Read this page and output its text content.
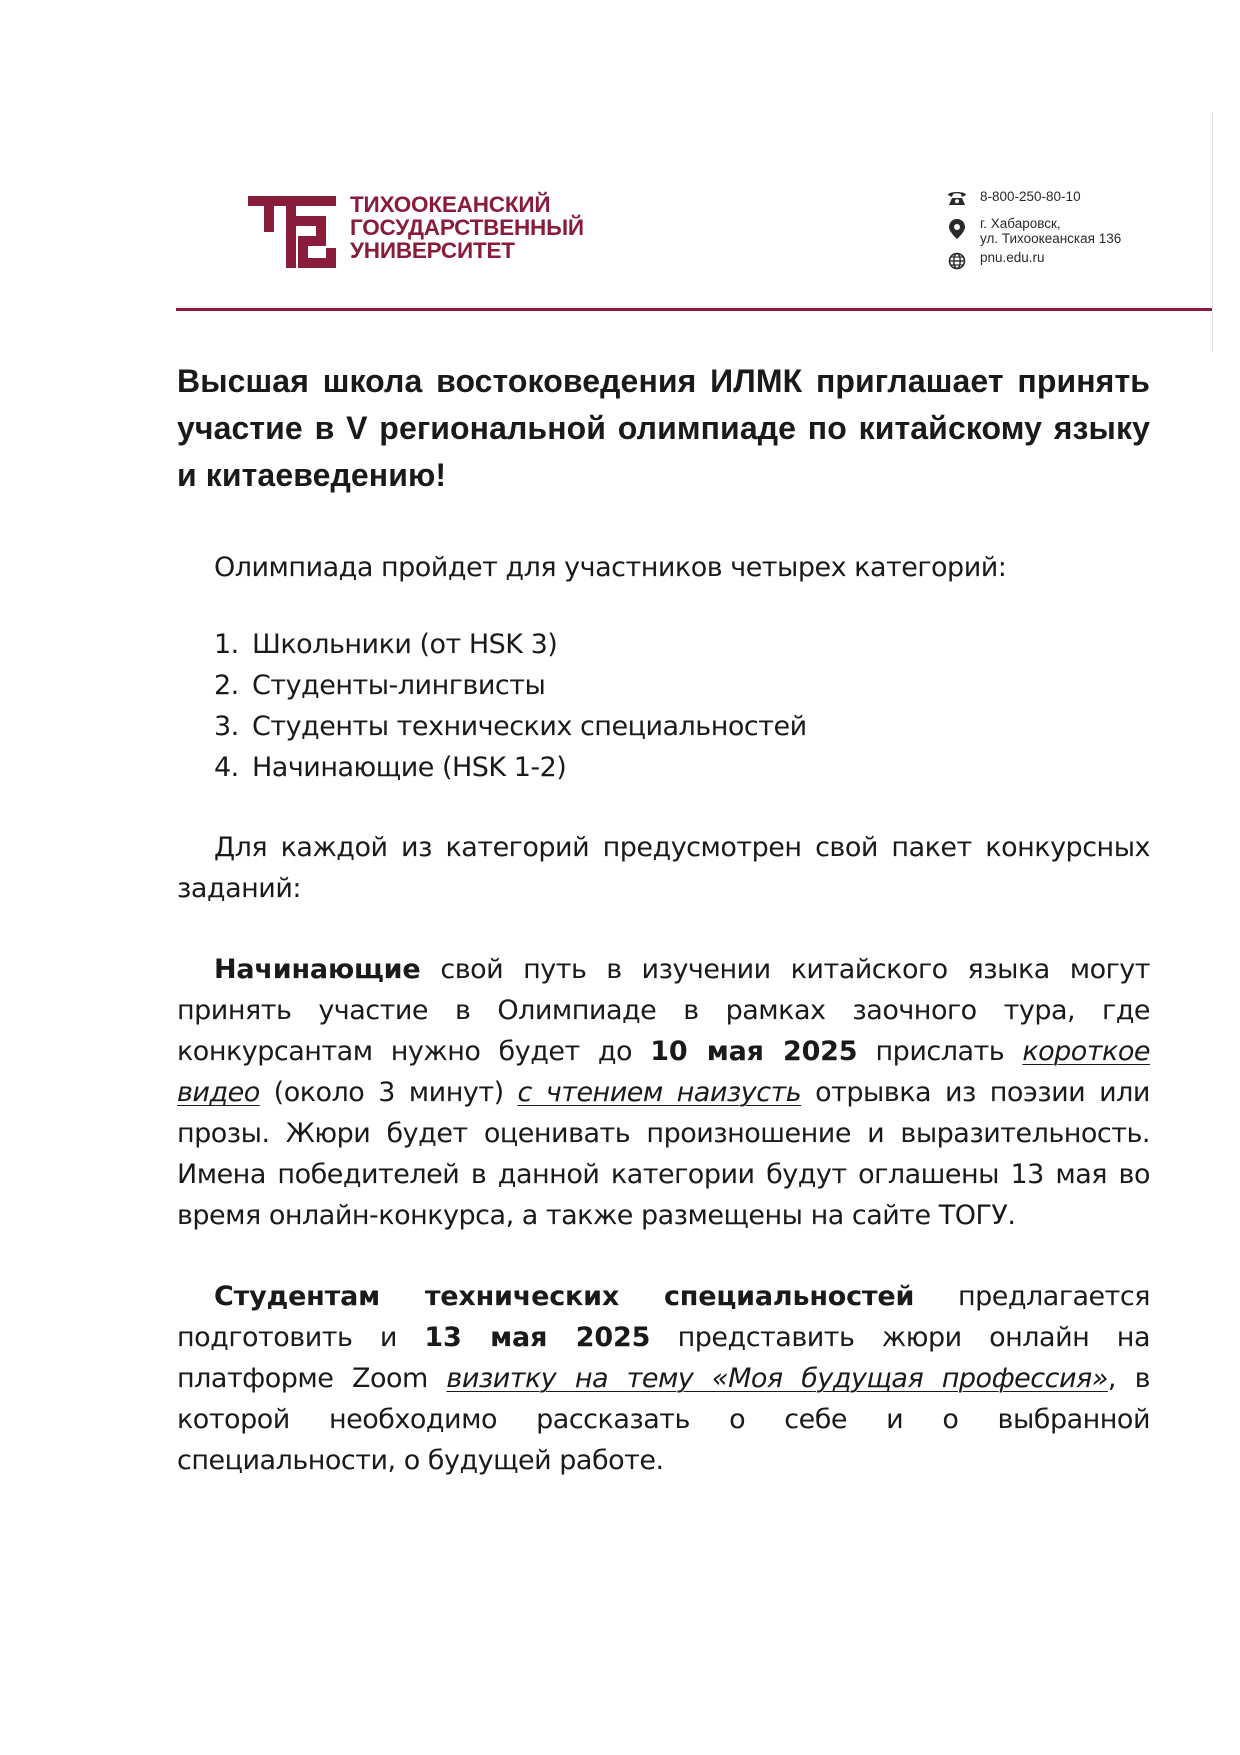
ТИХООКЕАНСКИЙ
ГОСУДАРСТВЕННЫЙ
УНИВЕРСИТЕТ
8-800-250-80-10
г. Хабаровск,
ул. Тихоокеанская 136
pnu.edu.ru
Высшая школа востоковедения ИЛМК приглашает принять участие в V региональной олимпиаде по китайскому языку и китаеведению!

Олимпиада пройдет для участников четырех категорий:

1. Школьники (от HSK 3)
2. Студенты-лингвисты
3. Студенты технических специальностей
4. Начинающие (HSK 1-2)

Для каждой из категорий предусмотрен свой пакет конкурсных заданий:

Начинающие свой путь в изучении китайского языка могут принять участие в Олимпиаде в рамках заочного тура, где конкурсантам нужно будет до 10 мая 2025 прислать короткое видео (около 3 минут) с чтением наизусть отрывка из поэзии или прозы. Жюри будет оценивать произношение и выразительность. Имена победителей в данной категории будут оглашены 13 мая во время онлайн-конкурса, а также размещены на сайте ТОГУ.

Студентам технических специальностей предлагается подготовить и 13 мая 2025 представить жюри онлайн на платформе Zoom визитку на тему «Моя будущая профессия», в которой необходимо рассказать о себе и о выбранной специальности, о будущей работе.
